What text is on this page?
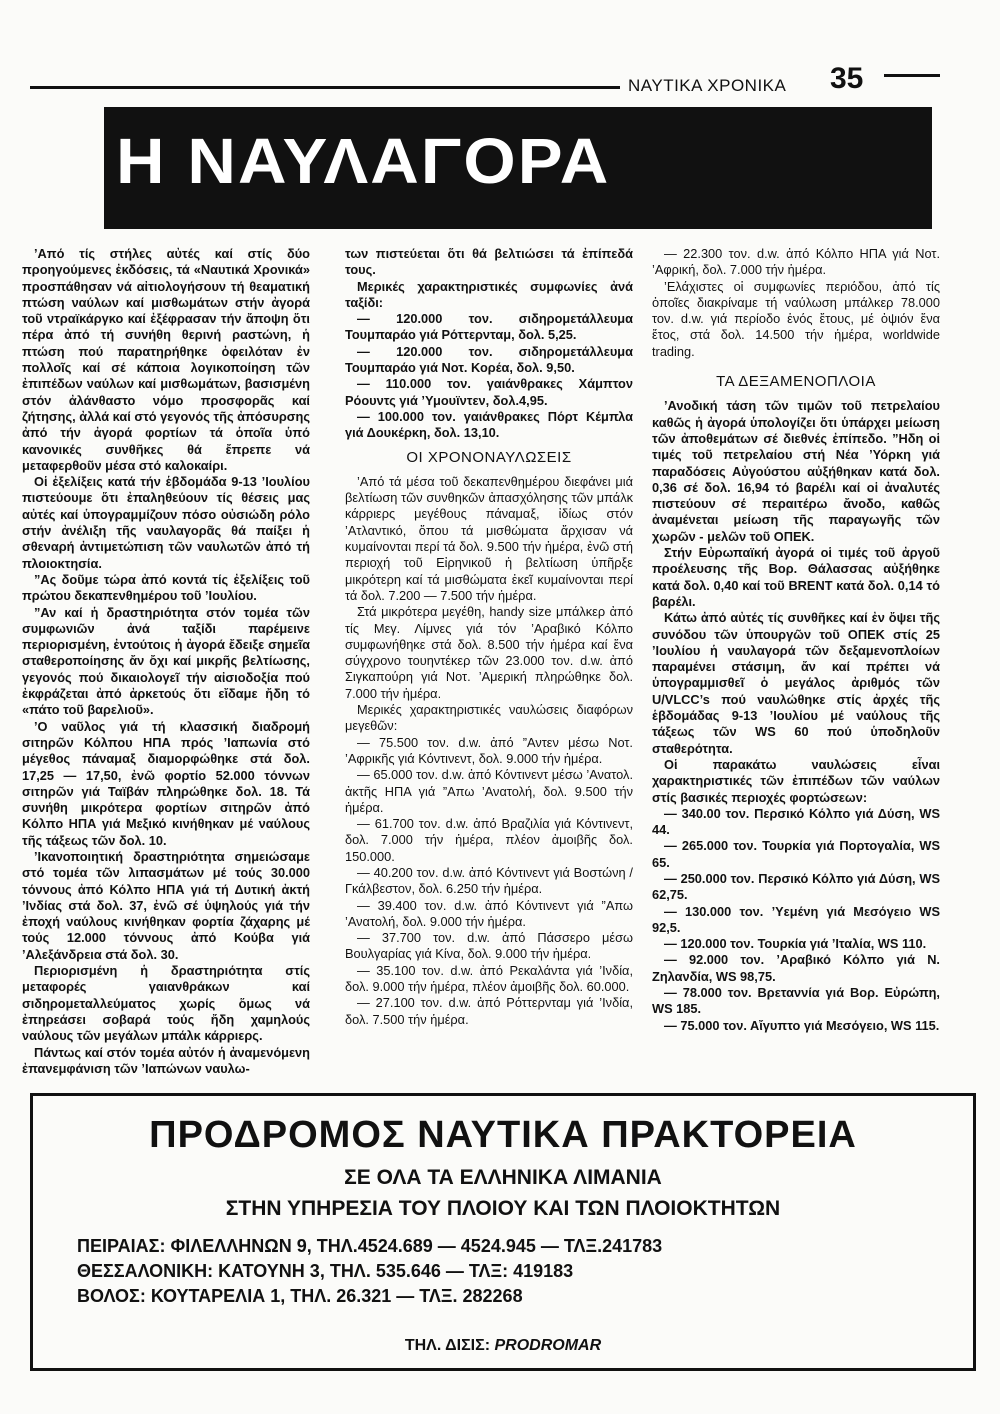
ΝΑΥΤΙΚΑ ΧΡΟΝΙΚΑ 35
Η ΝΑΥΛΑΓΟΡΑ

’Από τίς στήλες αὐτές καί στίς δύο προηγούμενες ἐκδόσεις, τά «Ναυτικά Χρονικά» προσπάθησαν νά αἰτιολογήσουν τή θεαματική πτώση ναύλων καί μισθωμάτων στήν ἀγορά τοῦ ντραϊκάργκο καί ἐξέφρασαν τήν ἄποψη ὅτι πέρα ἀπό τή συνήθη θερινή ραστώνη, ἡ πτώση πού παρατηρήθηκε ὀφειλόταν ἐν πολλοῖς καί σέ κάποια λογικοποίηση τῶν ἐπιπέδων ναύλων καί μισθωμάτων, βασισμένη στόν ἀλάνθαστο νόμο προσφορᾶς καί ζήτησης, ἀλλά καί στό γεγονός τῆς ἀπόσυρσης ἀπό τήν ἀγορά φορτίων τά ὁποῖα ὑπό κανονικές συνθῆκες θά ἔπρεπε νά μεταφερθοῦν μέσα στό καλοκαίρι.

Οἱ ἐξελίξεις κατά τήν ἑβδομάδα 9-13 ’Ιουλίου πιστεύουμε ὅτι ἐπαληθεύουν τίς θέσεις μας αὐτές καί ὑπογραμμίζουν πόσο οὐσιώδη ρόλο στήν ἀνέλιξη τῆς ναυλαγορᾶς θά παίξει ἡ σθεναρή ἀντιμετώπιση τῶν ναυλωτῶν ἀπό τή πλοιοκτησία.

”Ας δοῦμε τώρα ἀπό κοντά τίς ἐξελίξεις τοῦ πρώτου δεκαπενθημέρου τοῦ ’Ιουλίου.

”Αν καί ἡ δραστηριότητα στόν τομέα τῶν συμφωνιῶν ἀνά ταξίδι παρέμεινε περιορισμένη, ἐντούτοις ἡ ἀγορά ἔδειξε σημεῖα σταθεροποίησης ἄν ὄχι καί μικρῆς βελτίωσης, γεγονός πού δικαιολογεῖ τήν αἰσιοδοξία πού ἐκφράζεται ἀπό ἀρκετούς ὅτι εἴδαμε ἤδη τό «πάτο τοῦ βαρελιοῦ».

’Ο ναῦλος γιά τή κλασσική διαδρομή σιτηρῶν Κόλπου ΗΠΑ πρός ’Ιαπωνία στό μέγεθος πάναμαξ διαμορφώθηκε στά δολ. 17,25 — 17,50, ἐνῶ φορτίο 52.000 τόννων σιτηρῶν γιά Ταϊβάν πληρώθηκε δολ. 18. Τά συνήθη μικρότερα φορτίων σιτηρῶν ἀπό Κόλπο ΗΠΑ γιά Μεξικό κινήθηκαν μέ ναύλους τῆς τάξεως τῶν δολ. 10.

’Ικανοποιητική δραστηριότητα σημειώσαμε στό τομέα τῶν λιπασμάτων μέ τούς 30.000 τόννους ἀπό Κόλπο ΗΠΑ γιά τή Δυτική ἀκτή ’Ινδίας στά δολ. 37, ἐνῶ σέ ὑψηλούς γιά τήν ἐποχή ναύλους κινήθηκαν φορτία ζάχαρης μέ τούς 12.000 τόννους ἀπό Κούβα γιά ’Αλεξάνδρεια στά δολ. 30.

Περιορισμένη ἡ δραστηριότητα στίς μεταφορές γαιανθράκων καί σιδηρομεταλλεύματος χωρίς ὅμως νά ἐπηρεάσει σοβαρά τούς ἤδη χαμηλούς ναύλους τῶν μεγάλων μπάλκ κάρριερς.

Πάντως καί στόν τομέα αὐτόν ἡ ἀναμενόμενη ἐπανεμφάνιση τῶν ’Ιαπώνων ναυλω-

των πιστεύεται ὅτι θά βελτιώσει τά ἐπίπεδά τους.

Μερικές χαρακτηριστικές συμφωνίες ἀνά ταξίδι:

— 120.000 τον. σιδηρομετάλλευμα Τουμπαράο γιά Ρόττερνταμ, δολ. 5,25.

— 120.000 τον. σιδηρομετάλλευμα Τουμπαράο γιά Νοτ. Κορέα, δολ. 9,50.

— 110.000 τον. γαιάνθρακες Χάμπτον Ρόουντς γιά ’Υμουϊντεν, δολ.4,95.

— 100.000 τον. γαιάνθρακες Πόρτ Κέμπλα γιά Δουκέρκη, δολ. 13,10.

ΟΙ ΧΡΟΝΟΝΑΥΛΩΣΕΙΣ

’Από τά μέσα τοῦ δεκαπενθημέρου διεφάνει μιά βελτίωση τῶν συνθηκῶν ἀπασχόλησης τῶν μπάλκ κάρριερς μεγέθους πάναμαξ, ἰδίως στόν ’Ατλαντικό, ὅπου τά μισθώματα ἄρχισαν νά κυμαίνονται περί τά δολ. 9.500 τήν ἡμέρα, ἐνῶ στή περιοχή τοῦ Εἰρηνικοῦ ἡ βελτίωση ὑπῆρξε μικρότερη καί τά μισθώματα ἐκεῖ κυμαίνονται περί τά δολ. 7.200 — 7.500 τήν ἡμέρα.

Στά μικρότερα μεγέθη, handy size μπάλκερ ἀπό τίς Μεγ. Λίμνες γιά τόν ’Αραβικό Κόλπο συμφωνήθηκε στά δολ. 8.500 τήν ἡμέρα καί ἕνα σύγχρονο τουηντέκερ τῶν 23.000 τον. d.w. ἀπό Σιγκαπούρη γιά Νοτ. ’Αμερική πληρώθηκε δολ. 7.000 τήν ἡμέρα.

Μερικές χαρακτηριστικές ναυλώσεις διαφόρων μεγεθῶν:

— 75.500 τον. d.w. ἀπό ”Αντεν μέσω Νοτ. ’Αφρικῆς γιά Κόντινεντ, δολ. 9.000 τήν ἡμέρα.

— 65.000 τον. d.w. ἀπό Κόντινεντ μέσω ’Ανατολ. ἀκτῆς ΗΠΑ γιά ”Απω ’Ανατολή, δολ. 9.500 τήν ἡμέρα.

— 61.700 τον. d.w. ἀπό Βραζιλία γιά Κόντινεντ, δολ. 7.000 τήν ἡμέρα, πλέον ἀμοιβῆς δολ. 150.000.

— 40.200 τον. d.w. ἀπό Κόντινεντ γιά Βοστώνη / Γκάλβεστον, δολ. 6.250 τήν ἡμέρα.

— 39.400 τον. d.w. ἀπό Κόντινεντ γιά ”Απω ’Ανατολή, δολ. 9.000 τήν ἡμέρα.

— 37.700 τον. d.w. ἀπό Πάσσερο μέσω Βουλγαρίας γιά Κίνα, δολ. 9.000 τήν ἡμέρα.

— 35.100 τον. d.w. ἀπό Ρεκαλάντα γιά ’Ινδία, δολ. 9.000 τήν ἡμέρα, πλέον ἀμοιβῆς δολ. 60.000.

— 27.100 τον. d.w. ἀπό Ρόττερνταμ γιά ’Ινδία, δολ. 7.500 τήν ἡμέρα.

— 22.300 τον. d.w. ἀπό Κόλπο ΗΠΑ γιά Νοτ. ’Αφρική, δολ. 7.000 τήν ἡμέρα.

’Ελάχιστες οἱ συμφωνίες περιόδου, ἀπό τίς ὁποῖες διακρίναμε τή ναύλωση μπάλκερ 78.000 τον. d.w. γιά περίοδο ἑνός ἔτους, μέ ὀψιόν ἕνα ἔτος, στά δολ. 14.500 τήν ἡμέρα, worldwide trading.

ΤΑ ΔΕΞΑΜΕΝΟΠΛΟΙΑ

’Ανοδική τάση τῶν τιμῶν τοῦ πετρελαίου καθῶς ἡ ἀγορά ὑπολογίζει ὅτι ὑπάρχει μείωση τῶν ἀποθεμάτων σέ διεθνές ἐπίπεδο. ”Ηδη οἱ τιμές τοῦ πετρελαίου στή Νέα ’Υόρκη γιά παραδόσεις Αὐγούστου αὐξήθηκαν κατά δολ. 0,36 σέ δολ. 16,94 τό βαρέλι καί οἱ ἀναλυτές πιστεύουν σέ περαιτέρω ἄνοδο, καθῶς ἀναμένεται μείωση τῆς παραγωγῆς τῶν χωρῶν - μελῶν τοῦ ΟΠΕΚ.

Στήν Εὐρωπαϊκή ἀγορά οἱ τιμές τοῦ ἀργοῦ προέλευσης τῆς Βορ. Θάλασσας αὐξήθηκε κατά δολ. 0,40 καί τοῦ BRENT κατά δολ. 0,14 τό βαρέλι.

Κάτω ἀπό αὐτές τίς συνθῆκες καί ἐν ὄψει τῆς συνόδου τῶν ὑπουργῶν τοῦ ΟΠΕΚ στίς 25 ’Ιουλίου ἡ ναυλαγορά τῶν δεξαμενοπλοίων παραμένει στάσιμη, ἄν καί πρέπει νά ὑπογραμμισθεῖ ὁ μεγάλος ἀριθμός τῶν U/VLCC’s πού ναυλώθηκε στίς ἀρχές τῆς ἑβδομάδας 9-13 ’Ιουλίου μέ ναύλους τῆς τάξεως τῶν WS 60 πού ὑποδηλοῦν σταθερότητα.

Οἱ παρακάτω ναυλώσεις εἶναι χαρακτηριστικές τῶν ἐπιπέδων τῶν ναύλων στίς βασικές περιοχές φορτώσεων:

— 340.00 τον. Περσικό Κόλπο γιά Δύση, WS 44.

— 265.000 τον. Τουρκία γιά Πορτογαλία, WS 65.

— 250.000 τον. Περσικό Κόλπο γιά Δύση, WS 62,75.

— 130.000 τον. ’Υεμένη γιά Μεσόγειο WS 92,5.

— 120.000 τον. Τουρκία γιά ’Ιταλία, WS 110.

— 92.000 τον. ’Αραβικό Κόλπο γιά Ν. Ζηλανδία, WS 98,75.

— 78.000 τον. Βρεταννία γιά Βορ. Εὐρώπη, WS 185.

— 75.000 τον. Αἴγυπτο γιά Μεσόγειο, WS 115.

ΠΡΟΔΡΟΜΟΣ ΝΑΥΤΙΚΑ ΠΡΑΚΤΟΡΕΙΑ
ΣΕ ΟΛΑ ΤΑ ΕΛΛΗΝΙΚΑ ΛΙΜΑΝΙΑ
ΣΤΗΝ ΥΠΗΡΕΣΙΑ ΤΟΥ ΠΛΟΙΟΥ ΚΑΙ ΤΩΝ ΠΛΟΙΟΚΤΗΤΩΝ
ΠΕΙΡΑΙΑΣ: ΦΙΛΕΛΛΗΝΩΝ 9, ΤΗΛ.4524.689 — 4524.945 — ΤΛΞ.241783
ΘΕΣΣΑΛΟΝΙΚΗ: ΚΑΤΟΥΝΗ 3, ΤΗΛ. 535.646 — ΤΛΞ: 419183
ΒΟΛΟΣ: ΚΟΥΤΑΡΕΛΙΑ 1, ΤΗΛ. 26.321 — ΤΛΞ. 282268
ΤΗΛ. ΔΙΣΙΣ: PRODROMAR
